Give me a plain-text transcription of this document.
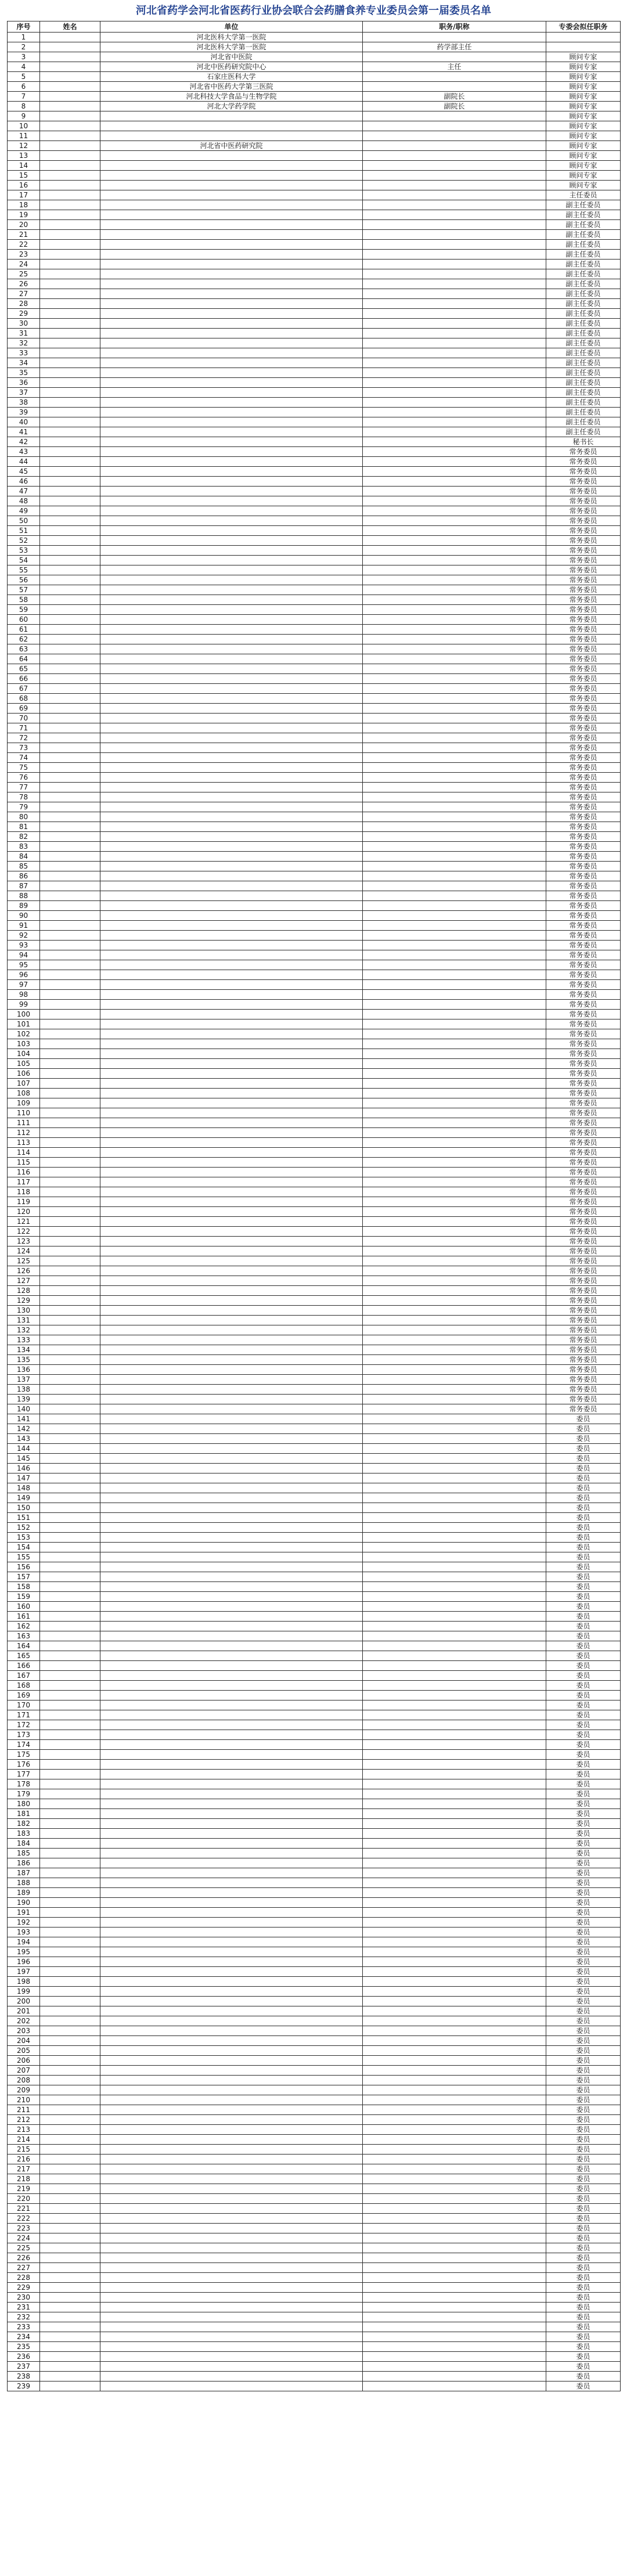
河北省药学会河北省医药行业协会联合会药膳食养专业委员会第一届委员名单
序号	姓名	单位	职务/职称	专委会拟任职务
1		河北医科大学第一医院		
2		河北医科大学第一医院	药学部主任	
3		河北省中医院		顾问专家
4		河北中医药研究院中心	主任	顾问专家
5		石家庄医科大学		顾问专家
6		河北省中医药大学第三医院		顾问专家
7		河北科技大学食品与生物学院	副院长	顾问专家
8		河北大学药学院	副院长	顾问专家
9				顾问专家
10				顾问专家
11				顾问专家
12		河北省中医药研究院		顾问专家
13				顾问专家
14				顾问专家
15				顾问专家
16				顾问专家
17				主任委员
18				副主任委员
19				副主任委员
20				副主任委员
21				副主任委员
22				副主任委员
23				副主任委员
24				副主任委员
25				副主任委员
26				副主任委员
27				副主任委员
28				副主任委员
29				副主任委员
30				副主任委员
31				副主任委员
32				副主任委员
33				副主任委员
34				副主任委员
35				副主任委员
36				副主任委员
37				副主任委员
38				副主任委员
39				副主任委员
40				副主任委员
41				副主任委员
42				秘书长
43				常务委员
44				常务委员
45				常务委员
46				常务委员
47				常务委员
48				常务委员
49				常务委员
50				常务委员
51				常务委员
52				常务委员
53				常务委员
54				常务委员
55				常务委员
56				常务委员
57				常务委员
58				常务委员
59				常务委员
60				常务委员
61				常务委员
62				常务委员
63				常务委员
64				常务委员
65				常务委员
66				常务委员
67				常务委员
68				常务委员
69				常务委员
70				常务委员
71				常务委员
72				常务委员
73				常务委员
74				常务委员
75				常务委员
76				常务委员
77				常务委员
78				常务委员
79				常务委员
80				常务委员
81				常务委员
82				常务委员
83				常务委员
84				常务委员
85				常务委员
86				常务委员
87				常务委员
88				常务委员
89				常务委员
90				常务委员
91				常务委员
92				常务委员
93				常务委员
94				常务委员
95				常务委员
96				常务委员
97				常务委员
98				常务委员
99				常务委员
100				常务委员
101				常务委员
102				常务委员
103				常务委员
104				常务委员
105				常务委员
106				常务委员
107				常务委员
108				常务委员
109				常务委员
110				常务委员
111				常务委员
112				常务委员
113				常务委员
114				常务委员
115				常务委员
116				常务委员
117				常务委员
118				常务委员
119				常务委员
120				常务委员
121				常务委员
122				常务委员
123				常务委员
124				常务委员
125				常务委员
126				常务委员
127				常务委员
128				常务委员
129				常务委员
130				常务委员
131				常务委员
132				常务委员
133				常务委员
134				常务委员
135				常务委员
136				常务委员
137				常务委员
138				常务委员
139				常务委员
140				常务委员
141				委员
142				委员
143				委员
144				委员
145				委员
146				委员
147				委员
148				委员
149				委员
150				委员
151				委员
152				委员
153				委员
154				委员
155				委员
156				委员
157				委员
158				委员
159				委员
160				委员
161				委员
162				委员
163				委员
164				委员
165				委员
166				委员
167				委员
168				委员
169				委员
170				委员
171				委员
172				委员
173				委员
174				委员
175				委员
176				委员
177				委员
178				委员
179				委员
180				委员
181				委员
182				委员
183				委员
184				委员
185				委员
186				委员
187				委员
188				委员
189				委员
190				委员
191				委员
192				委员
193				委员
194				委员
195				委员
196				委员
197				委员
198				委员
199				委员
200				委员
201				委员
202				委员
203				委员
204				委员
205				委员
206				委员
207				委员
208				委员
209				委员
210				委员
211				委员
212				委员
213				委员
214				委员
215				委员
216				委员
217				委员
218				委员
219				委员
220				委员
221				委员
222				委员
223				委员
224				委员
225				委员
226				委员
227				委员
228				委员
229				委员
230				委员
231				委员
232				委员
233				委员
234				委员
235				委员
236				委员
237				委员
238				委员
239				委员
